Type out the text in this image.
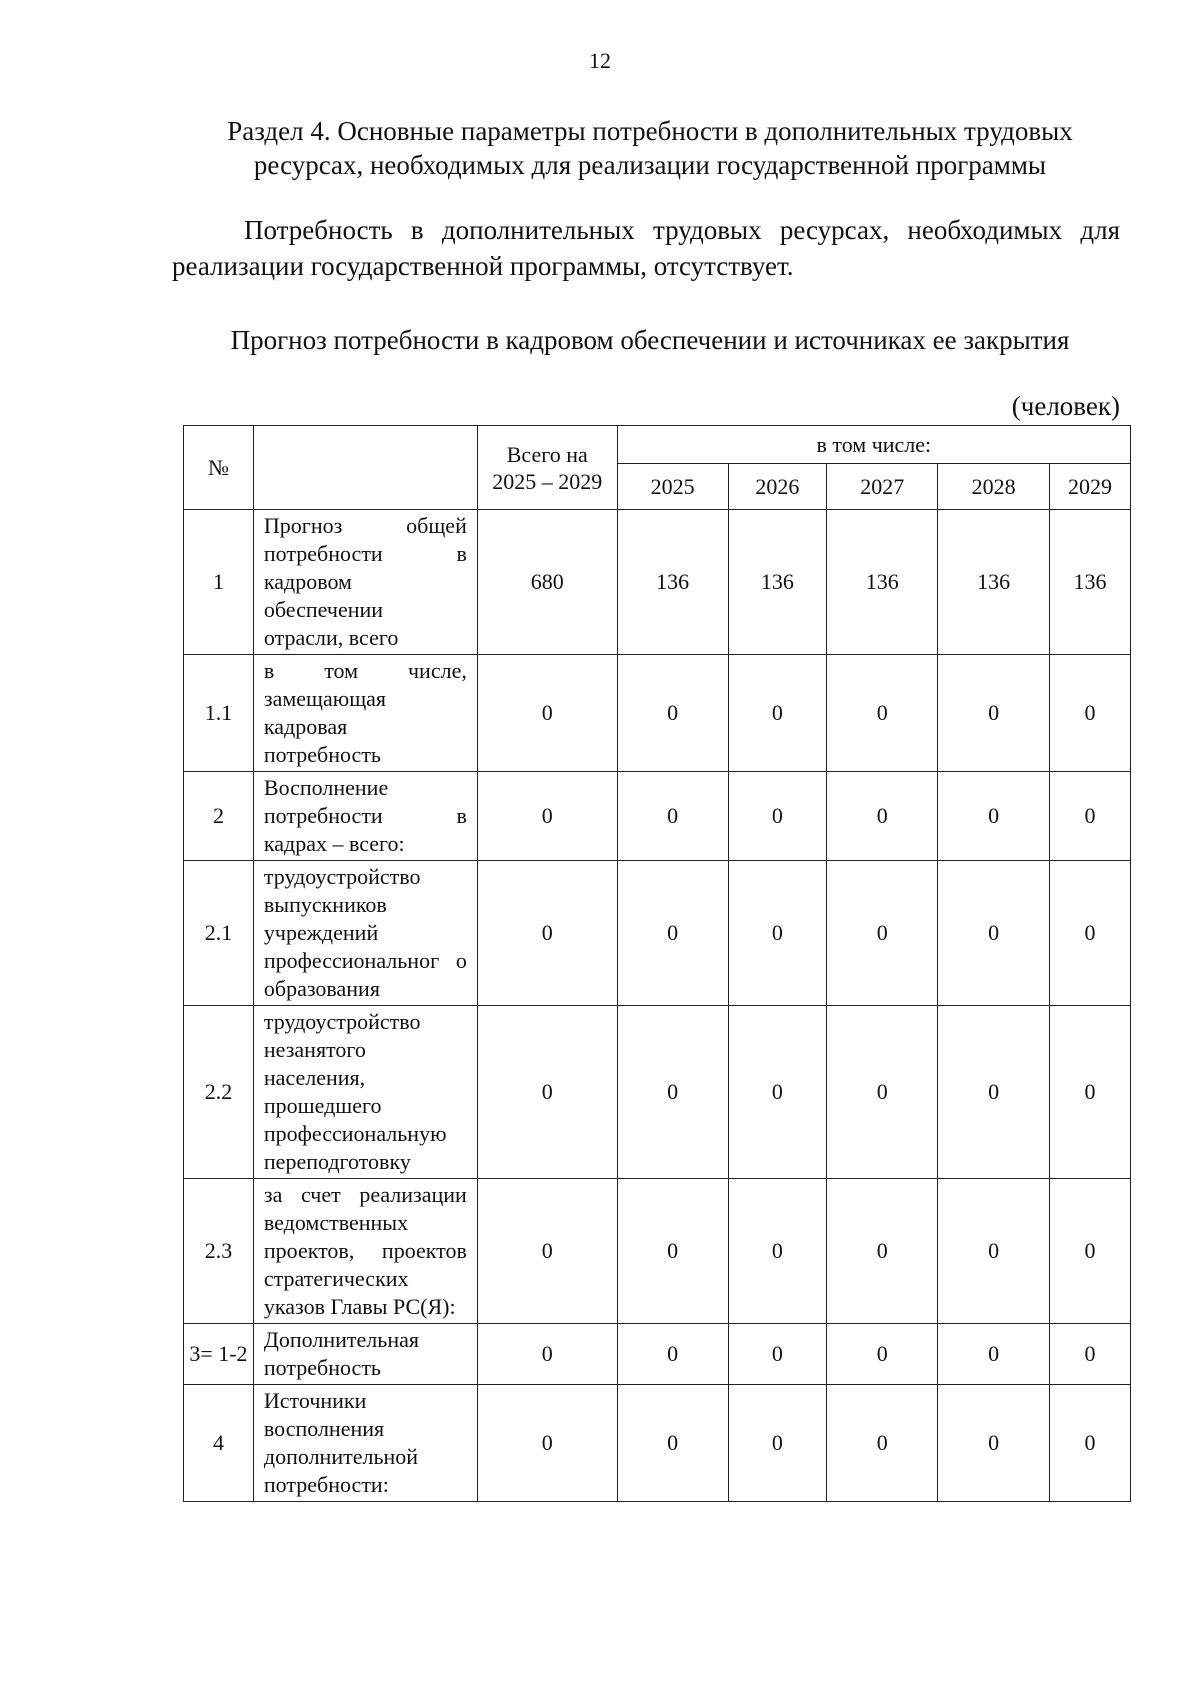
12
Раздел 4. Основные параметры потребности в дополнительных трудовых
ресурсах, необходимых для реализации государственной программы
Потребность в дополнительных трудовых ресурсах, необходимых для реализации государственной программы, отсутствует.
Прогноз потребности в кадровом обеспечении и источниках ее закрытия
(человек)
№		Всего на 2025 – 2029	в том числе:				
			2025	2026	2027	2028	2029
1	Прогноз общей потребности в кадровом обеспечении отрасли, всего	680	136	136	136	136	136
1.1	в том числе, замещающая кадровая потребность	0	0	0	0	0	0
2	Восполнение потребности в кадрах – всего:	0	0	0	0	0	0
2.1	трудоустройство выпускников учреждений профессиональног о образования	0	0	0	0	0	0
2.2	трудоустройство незанятого населения, прошедшего профессиональную переподготовку	0	0	0	0	0	0
2.3	за счет реализации ведомственных проектов, проектов стратегических указов Главы РС(Я):	0	0	0	0	0	0
3= 1-2	Дополнительная потребность	0	0	0	0	0	0
4	Источники восполнения дополнительной потребности:	0	0	0	0	0	0
